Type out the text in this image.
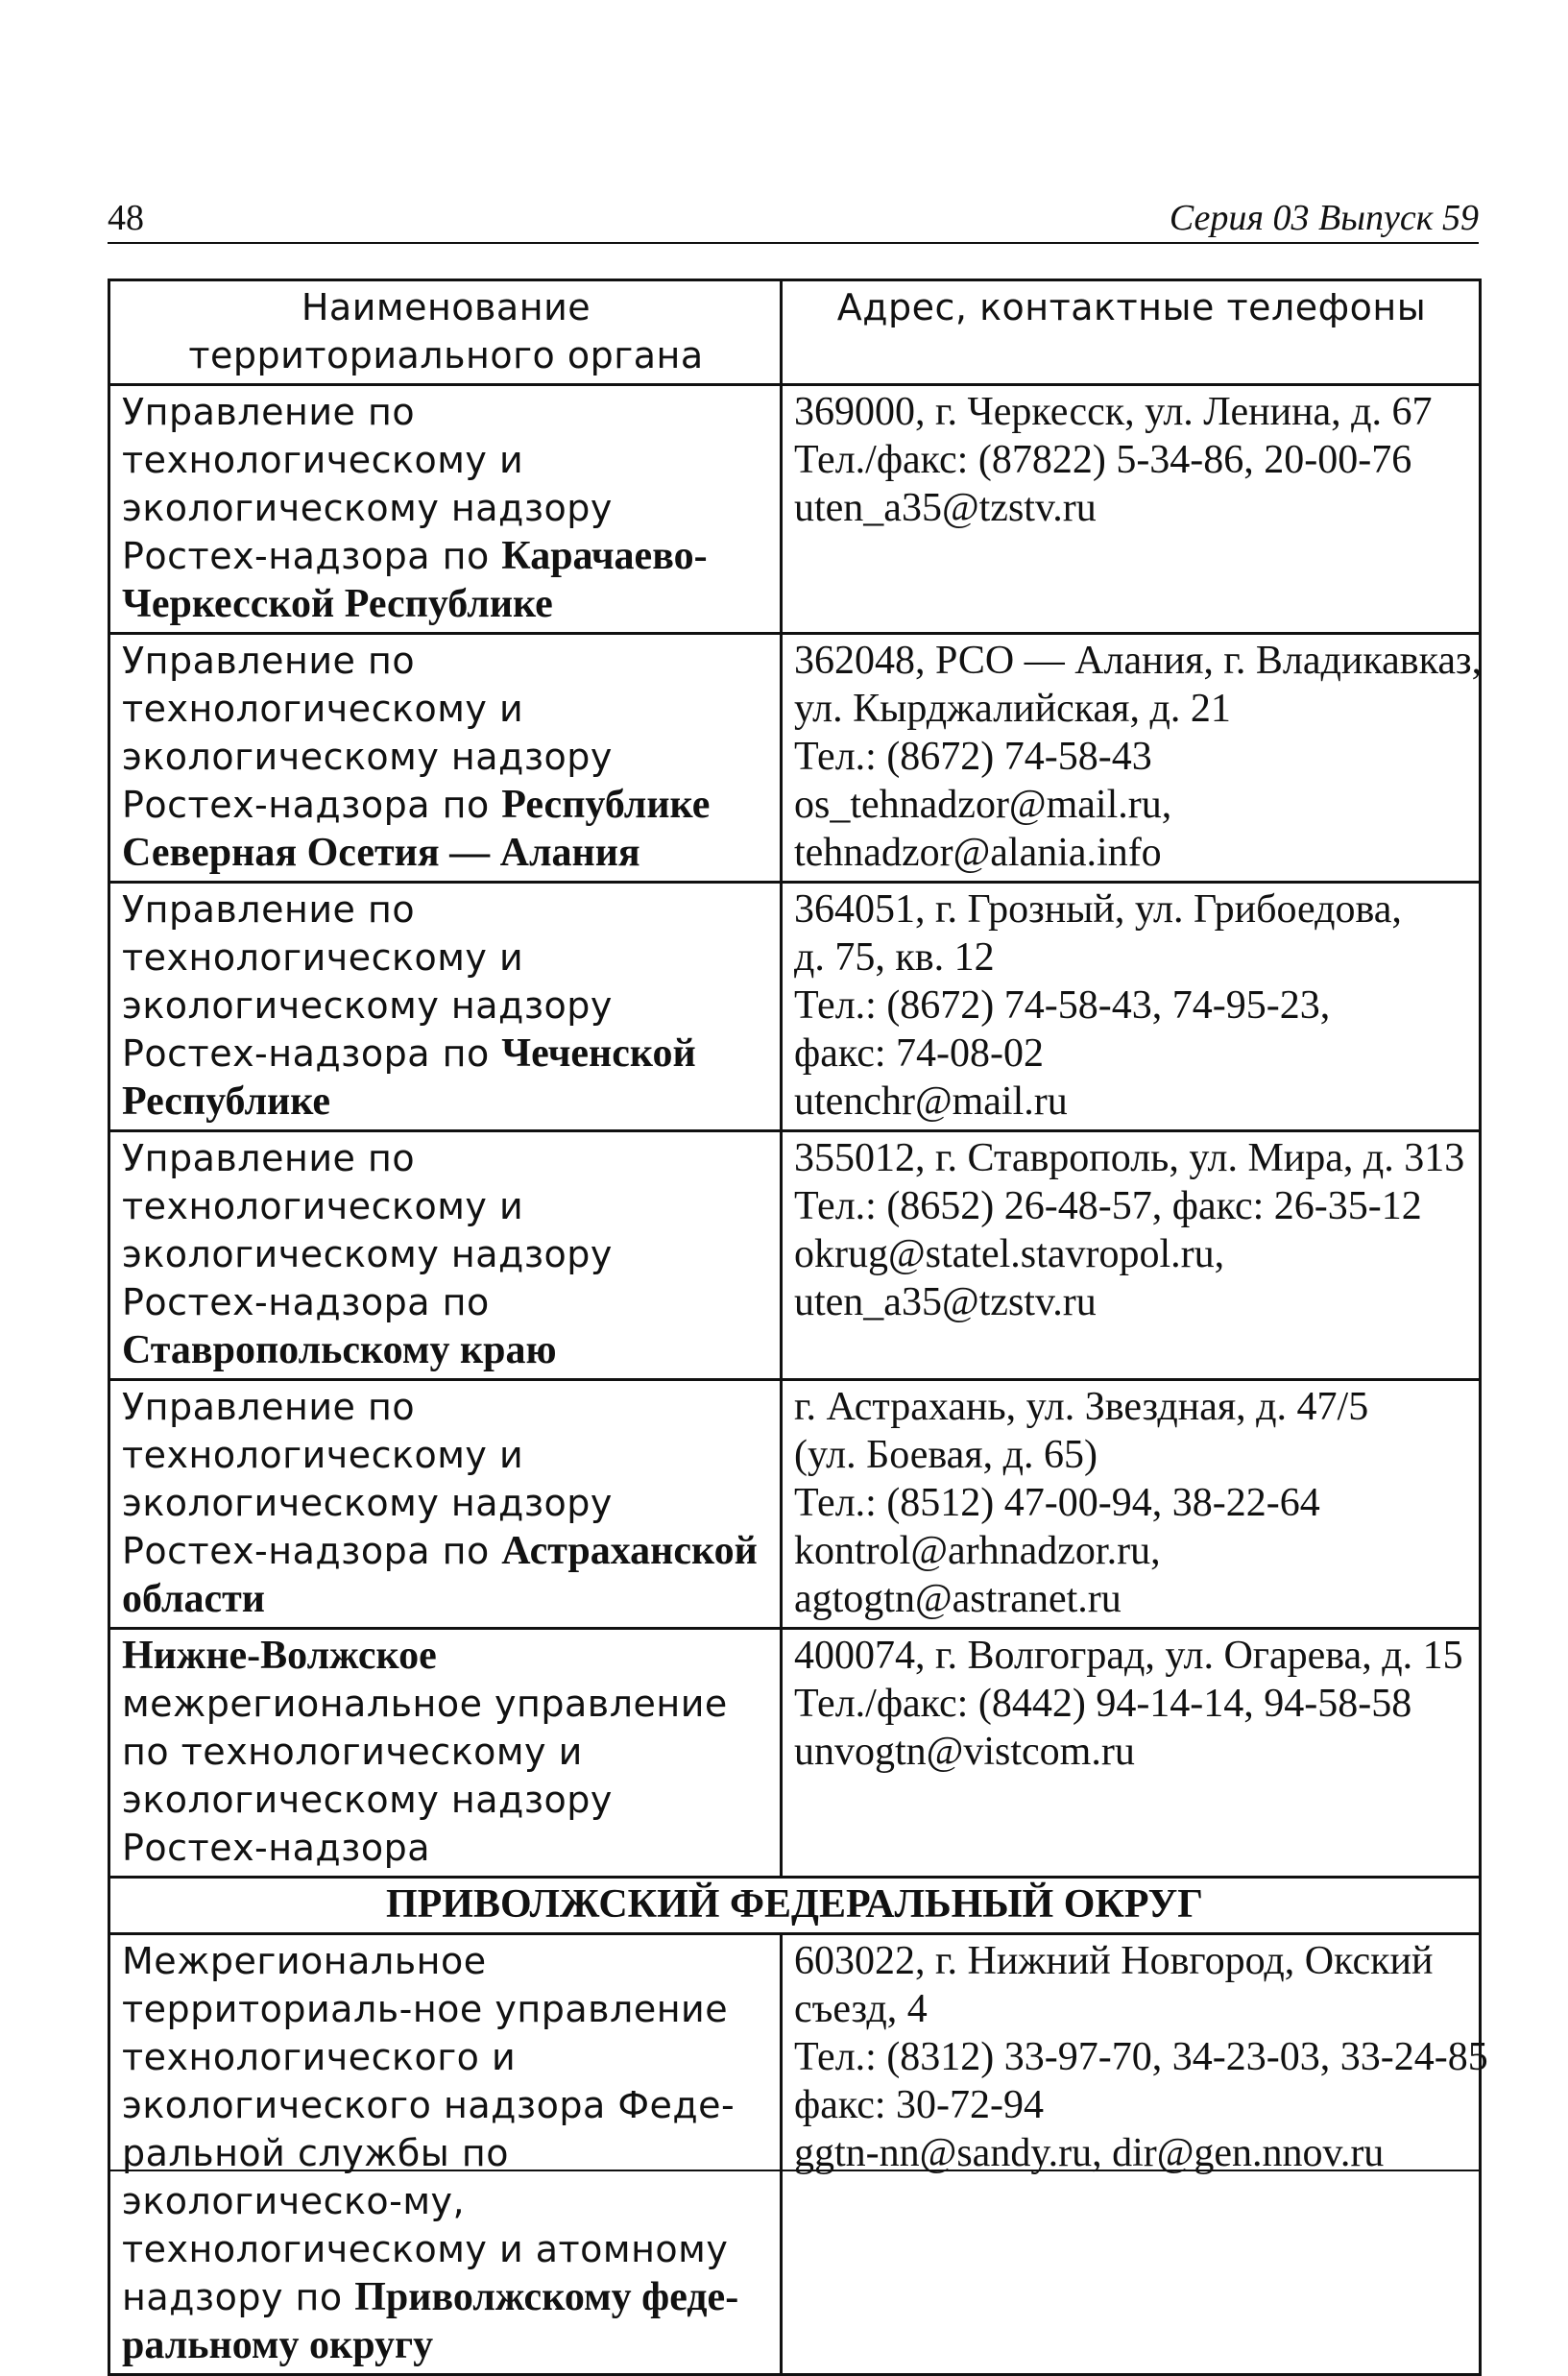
48	Серия 03 Выпуск 59
Наименование территориального органа	Адрес, контактные телефоны
Управление по технологическому и экологическому надзору Ростех-надзора по Карачаево-Черкесской Республике	369000, г. Черкесск, ул. Ленина, д. 67
Тел./факс: (87822) 5-34-86, 20-00-76
uten_a35@tzstv.ru

Управление по технологическому и экологическому надзору Ростех-надзора по Республике Северная Осетия — Алания	362048, РСО — Алания, г. Владикавказ,
ул. Кырджалийская, д. 21
Тел.: (8672) 74-58-43
os_tehnadzor@mail.ru,
tehnadzor@alania.info

Управление по технологическому и экологическому надзору Ростех-надзора по Чеченской Республике	364051, г. Грозный, ул. Грибоедова,
д. 75, кв. 12
Тел.: (8672) 74-58-43, 74-95-23,
факс: 74-08-02
utenchr@mail.ru

Управление по технологическому и экологическому надзору Ростех-надзора по Ставропольскому краю	355012, г. Ставрополь, ул. Мира, д. 313
Тел.: (8652) 26-48-57, факс: 26-35-12
okrug@statel.stavropol.ru,
uten_a35@tzstv.ru

Управление по технологическому и экологическому надзору Ростех-надзора по Астраханской области	г. Астрахань, ул. Звездная, д. 47/5
(ул. Боевая, д. 65)
Тел.: (8512) 47-00-94, 38-22-64
kontrol@arhnadzor.ru,
agtogtn@astranet.ru

Нижне-Волжское межрегиональное управление по технологическому и экологическому надзору Ростех-надзора	400074, г. Волгоград, ул. Огарева, д. 15
Тел./факс: (8442) 94-14-14, 94-58-58
unvogtn@vistcom.ru

ПРИВОЛЖСКИЙ ФЕДЕРАЛЬНЫЙ ОКРУГ	
Межрегиональное территориаль-ное управление технологического и экологического надзора Феде-ральной службы по экологическо-му, технологическому и атомному надзору по Приволжскому феде-ральному округу	603022, г. Нижний Новгород, Окский
съезд, 4
Тел.: (8312) 33-97-70, 34-23-03, 33-24-85
факс: 30-72-94
ggtn-nn@sandy.ru, dir@gen.nnov.ru
